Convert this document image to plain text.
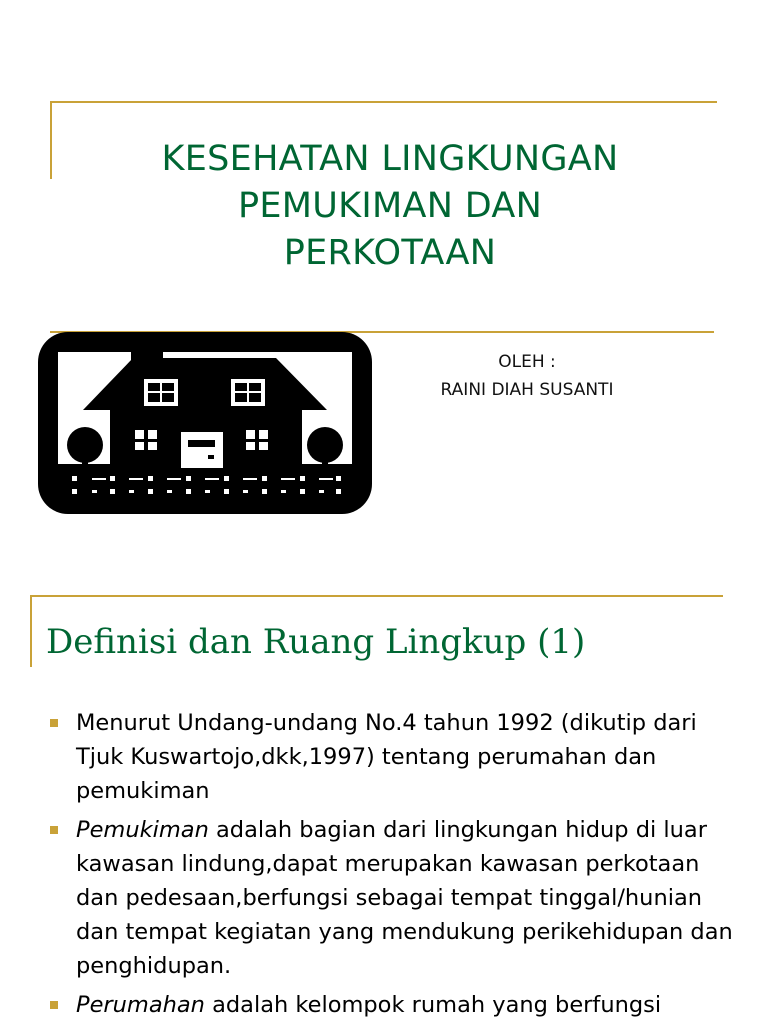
KESEHATAN LINGKUNGAN
PEMUKIMAN DAN
PERKOTAAN
OLEH :
RAINI DIAH SUSANTI
Definisi dan Ruang Lingkup (1)
Menurut Undang-undang No.4 tahun 1992 (dikutip dari Tjuk Kuswartojo,dkk,1997) tentang perumahan dan pemukiman
Pemukiman adalah bagian dari lingkungan hidup di luar kawasan lindung,dapat merupakan kawasan perkotaan dan pedesaan,berfungsi sebagai tempat tinggal/hunian dan tempat kegiatan yang mendukung perikehidupan dan penghidupan.
Perumahan adalah kelompok rumah yang berfungsi
